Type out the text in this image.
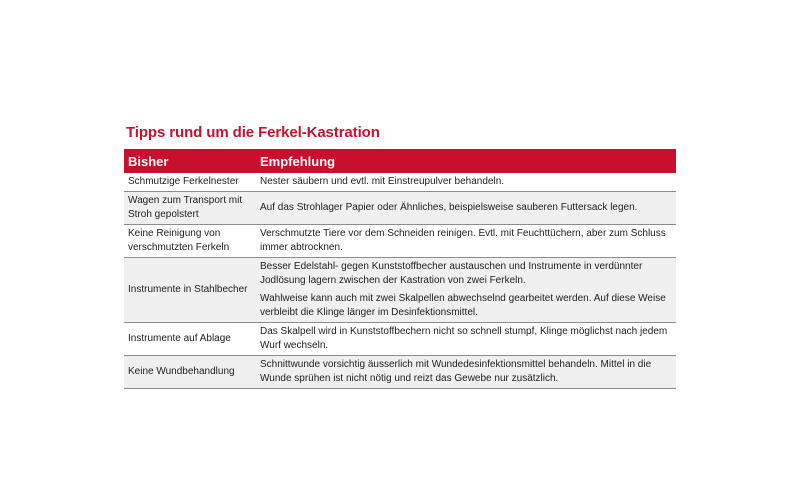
Tipps rund um die Ferkel-Kastration
Bisher	Empfehlung
Schmutzige Ferkelnester	Nester säubern und evtl. mit Einstreupulver behandeln.

Wagen zum Transport mit Stroh gepolstert	Auf das Strohlager Papier oder Ähnliches, beispielsweise sauberen Futtersack legen.

Keine Reinigung von verschmutzten Ferkeln	Verschmutzte Tiere vor dem Schneiden reinigen. Evtl. mit Feuchttüchern, aber zum Schluss immer abtrocknen.

Instrumente in Stahlbecher	Besser Edelstahl- gegen Kunststoffbecher austauschen und Instrumente in verdünnter Jodlösung lagern zwischen der Kastration von zwei Ferkeln.

Wahlweise kann auch mit zwei Skalpellen abwechselnd gearbeitet werden. Auf diese Weise verbleibt die Klinge länger im Desinfektionsmittel.

Instrumente auf Ablage	Das Skalpell wird in Kunststoffbechern nicht so schnell stumpf, Klinge möglichst nach jedem Wurf wechseln.

Keine Wundbehandlung	Schnittwunde vorsichtig äusserlich mit Wundedesinfektionsmittel behandeln. Mittel in die Wunde sprühen ist nicht nötig und reizt das Gewebe nur zusätzlich.
